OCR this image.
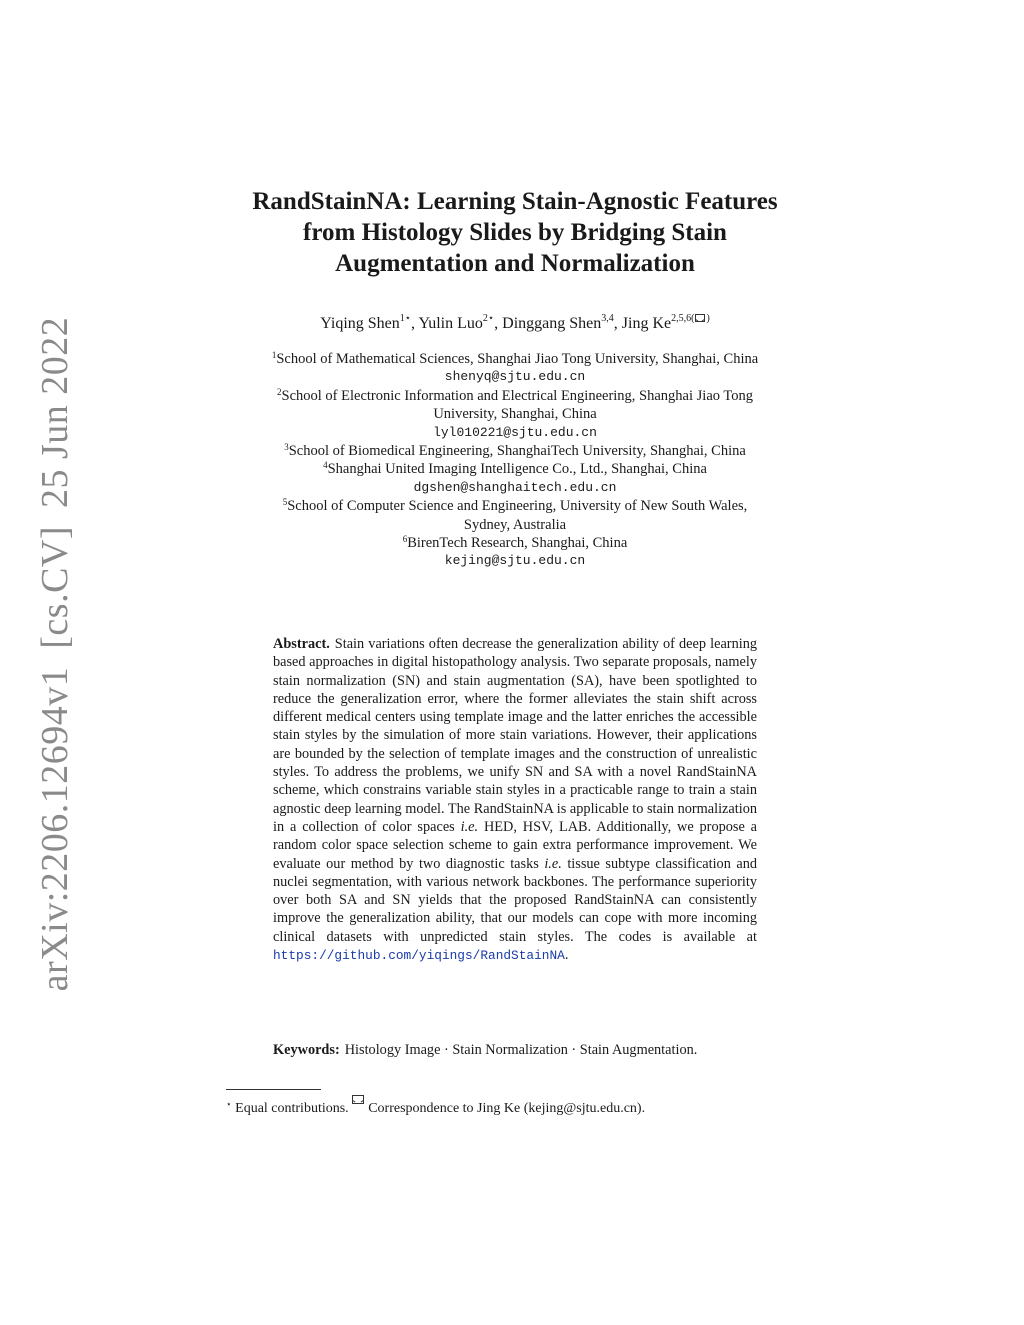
arXiv:2206.12694v1[cs.CV]25 Jun 2022
RandStainNA: Learning Stain-Agnostic Features
from Histology Slides by Bridging Stain
Augmentation and Normalization
Yiqing Shen$^{1⋆}$, Yulin Luo$^{2⋆}$, Dinggang Shen$^{3,4}$, Jing $Ke^{2,5,6( )}$
$^1$School of Mathematical Sciences, Shanghai Jiao Tong University, Shanghai, China
shenyq@sjtu.edu.cn
$^2$School of Electronic Information and Electrical Engineering, Shanghai Jiao Tong
University, Shanghai, China
lyl010221@sjtu.edu.cn
$^3$School of Biomedical Engineering, ShanghaiTech University, Shanghai, China
$^4$Shanghai United Imaging Intelligence Co., Ltd., Shanghai, China
dgshen@shanghaitech.edu.cn
$^5$School of Computer Science and Engineering, University of New South Wales,
Sydney, Australia
$^6$BirenTech Research, Shanghai, China
kejing@sjtu.edu.cn
Abstract. Stain variations often decrease the generalization ability of deep learning based approaches in digital histopathology analysis. Two separate proposals, namely stain normalization (SN) and stain augmentation (SA), have been spotlighted to reduce the generalization error, where the former alleviates the stain shift across different medical centers using template image and the latter enriches the accessible stain styles by the simulation of more stain variations. However, their applications are bounded by the selection of template images and the construction of unrealistic styles. To address the problems, we unify SN and SA with a novel RandStainNA scheme, which constrains variable stain styles in a practicable range to train a stain agnostic deep learning model. The RandStainNA is applicable to stain normalization in a collection of color spaces i.e. HED, HSV, LAB. Additionally, we propose a random color space selection scheme to gain extra performance improvement. We evaluate our method by two diagnostic tasks i.e. tissue subtype classification and nuclei segmentation, with various network backbones. The performance superiority over both SA and SN yields that the proposed RandStainNA can consistently improve the generalization ability, that our models can cope with more incoming clinical datasets with unpredicted stain styles. The codes is available at https://github.com/yiqings/RandStainNA.
Keywords: Histology Image · Stain Normalization · Stain Augmentation.
⋆ Equal contributions. Correspondence to Jing Ke (kejing@sjtu.edu.cn).
